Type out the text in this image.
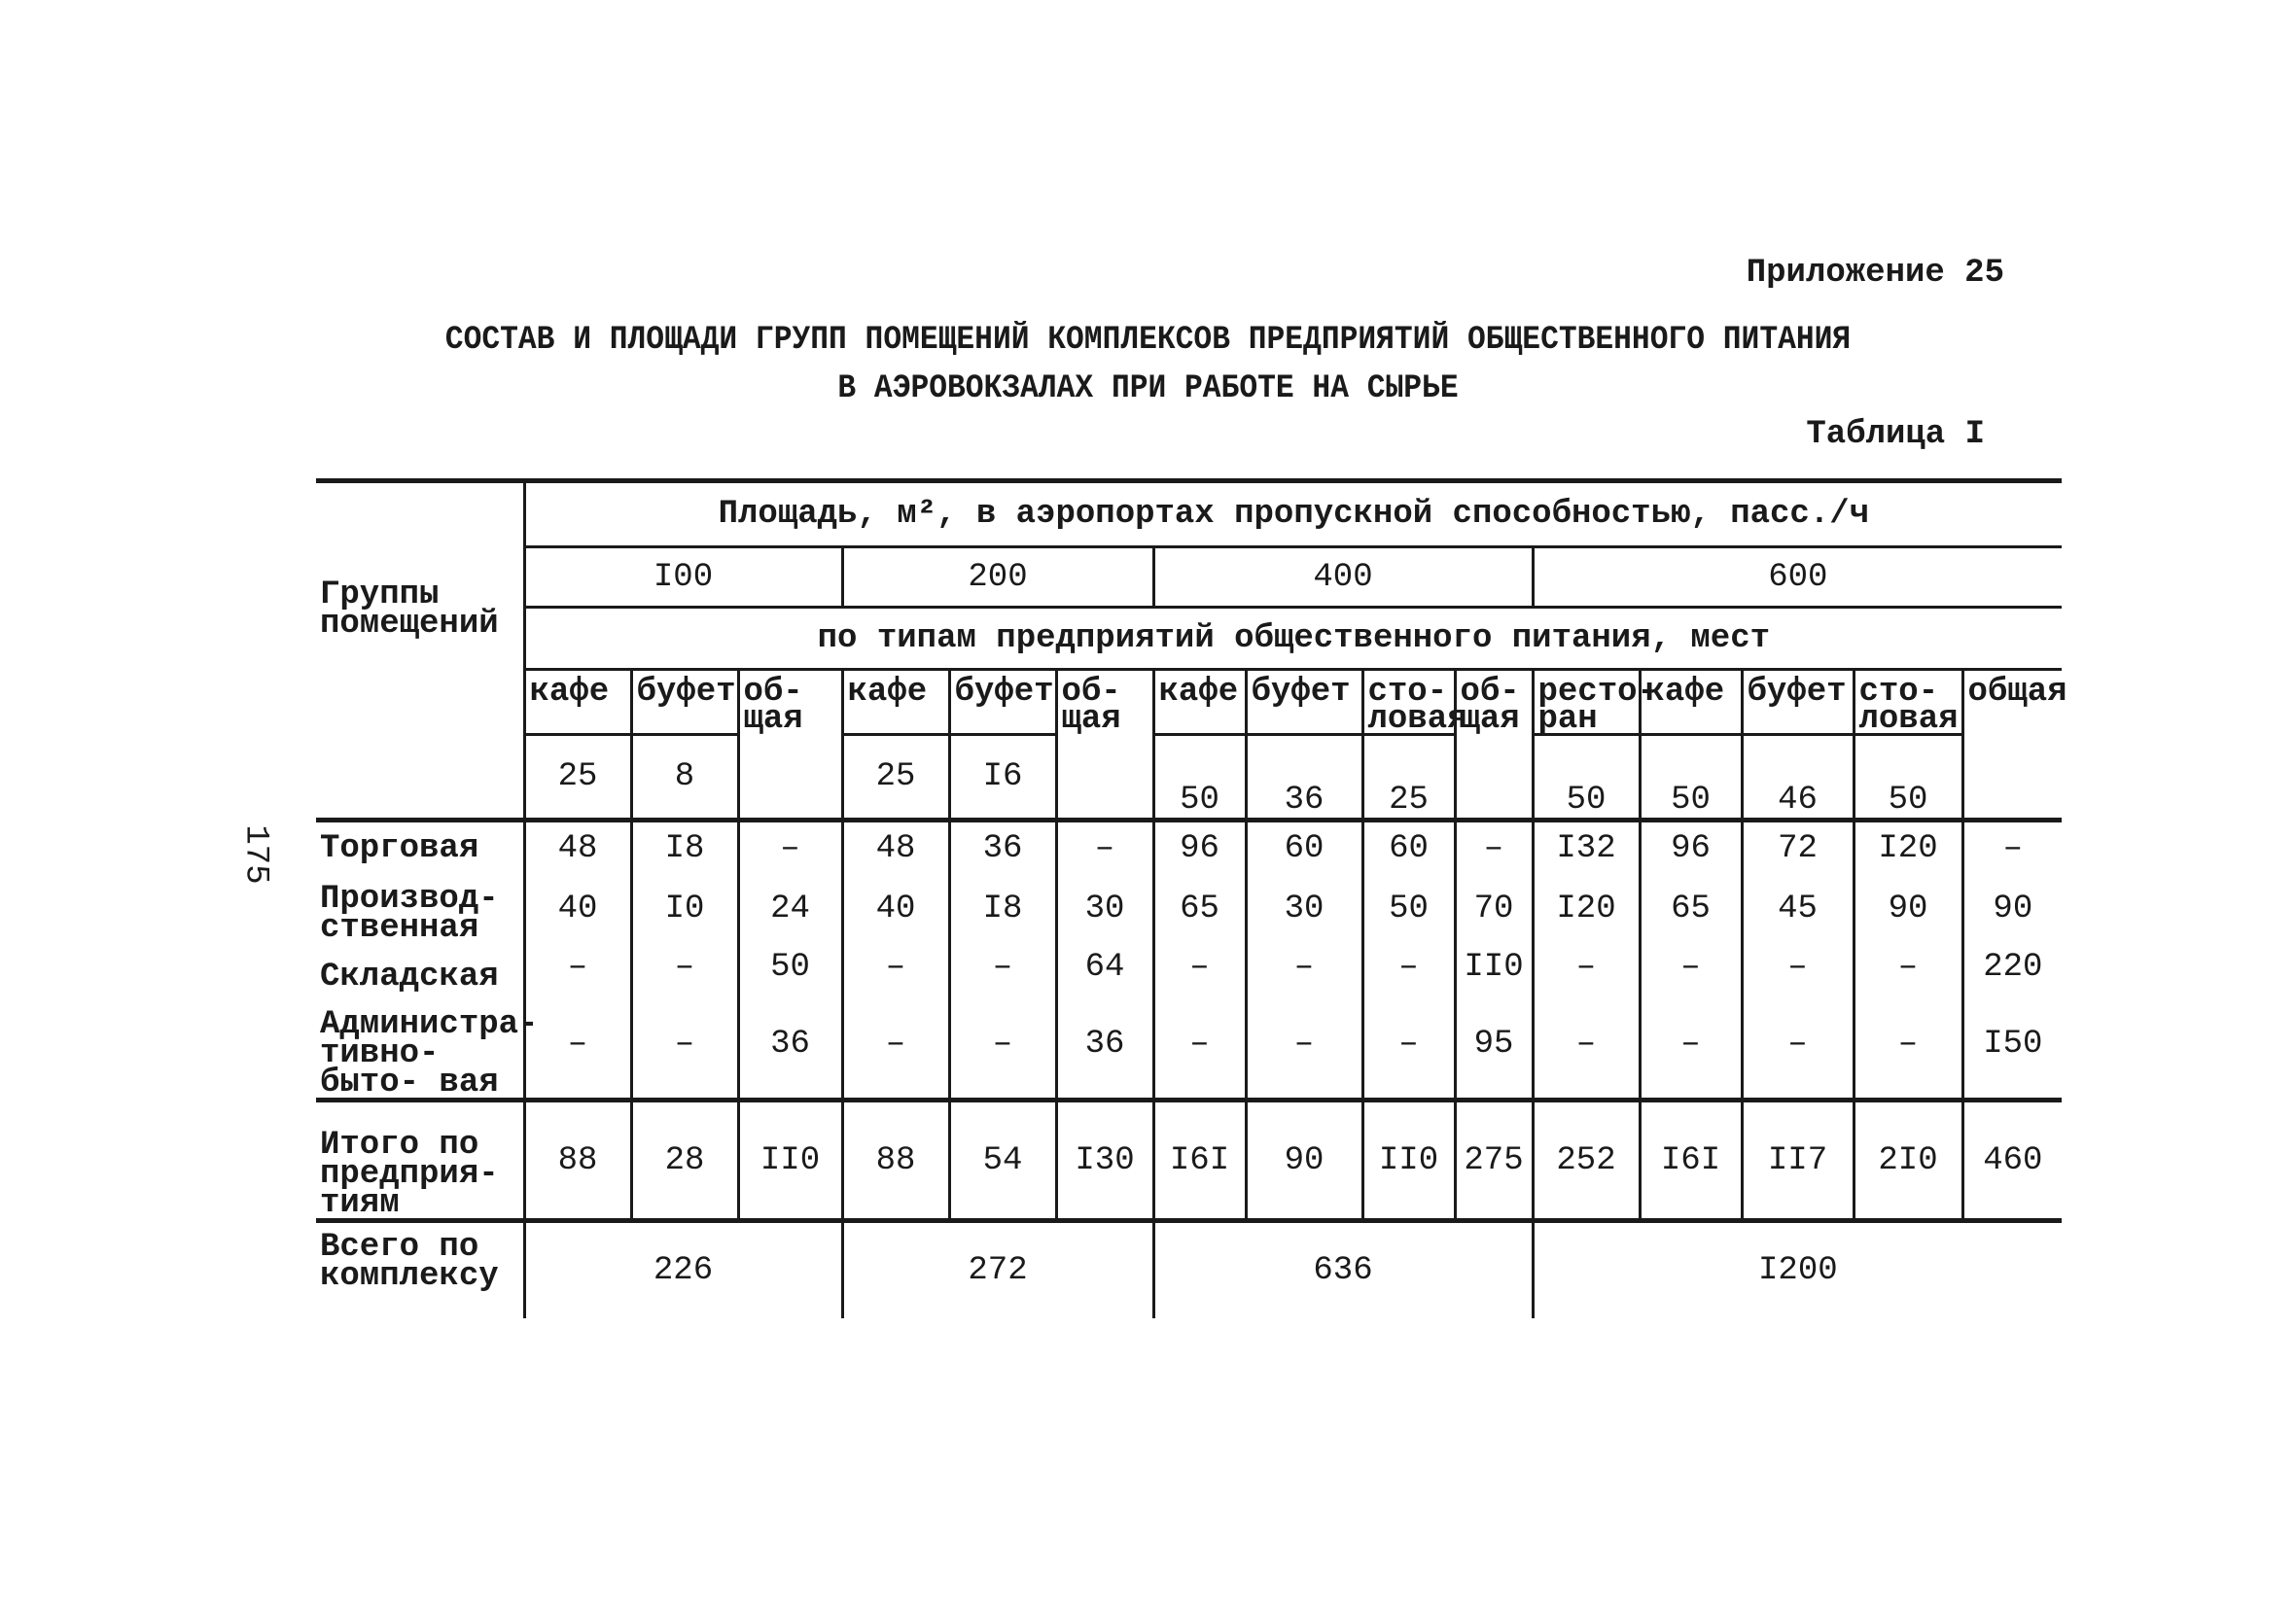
Приложение 25
СОСТАВ И ПЛОЩАДИ ГРУПП ПОМЕЩЕНИЙ КОМПЛЕКСОВ ПРЕДПРИЯТИЙ ОБЩЕСТВЕННОГО ПИТАНИЯ
В АЭРОВОКЗАЛАХ ПРИ РАБОТЕ НА СЫРЬЕ
Таблица I
175
Группы помещений	Площадь, м², в аэропортах пропускной способностью, пасс./ч														
	I00			200			400				600				
	по типам предприятий общественного питания, мест														
	кафе	буфет	об- щая	кафе	буфет	об- щая	кафе	буфет	сто- ловая	об- щая	ресто- ран	кафе	буфет	сто- ловая	общая
	25	8		25	I6		50	36	25		50	50	46	50	
Торговая	48	I8	–	48	36	–	96	60	60	–	I32	96	72	I20	–
Производ- ственная	40	I0	24	40	I8	30	65	30	50	70	I20	65	45	90	90
Складская	–	–	50	–	–	64	–	–	–	II0	–	–	–	–	220
Администра- тивно-быто- вая	–	–	36	–	–	36	–	–	–	95	–	–	–	–	I50
Итого по предприя- тиям	88	28	II0	88	54	I30	I6I	90	II0	275	252	I6I	II7	2I0	460
Всего по комплексу	226			272			636				I200				
